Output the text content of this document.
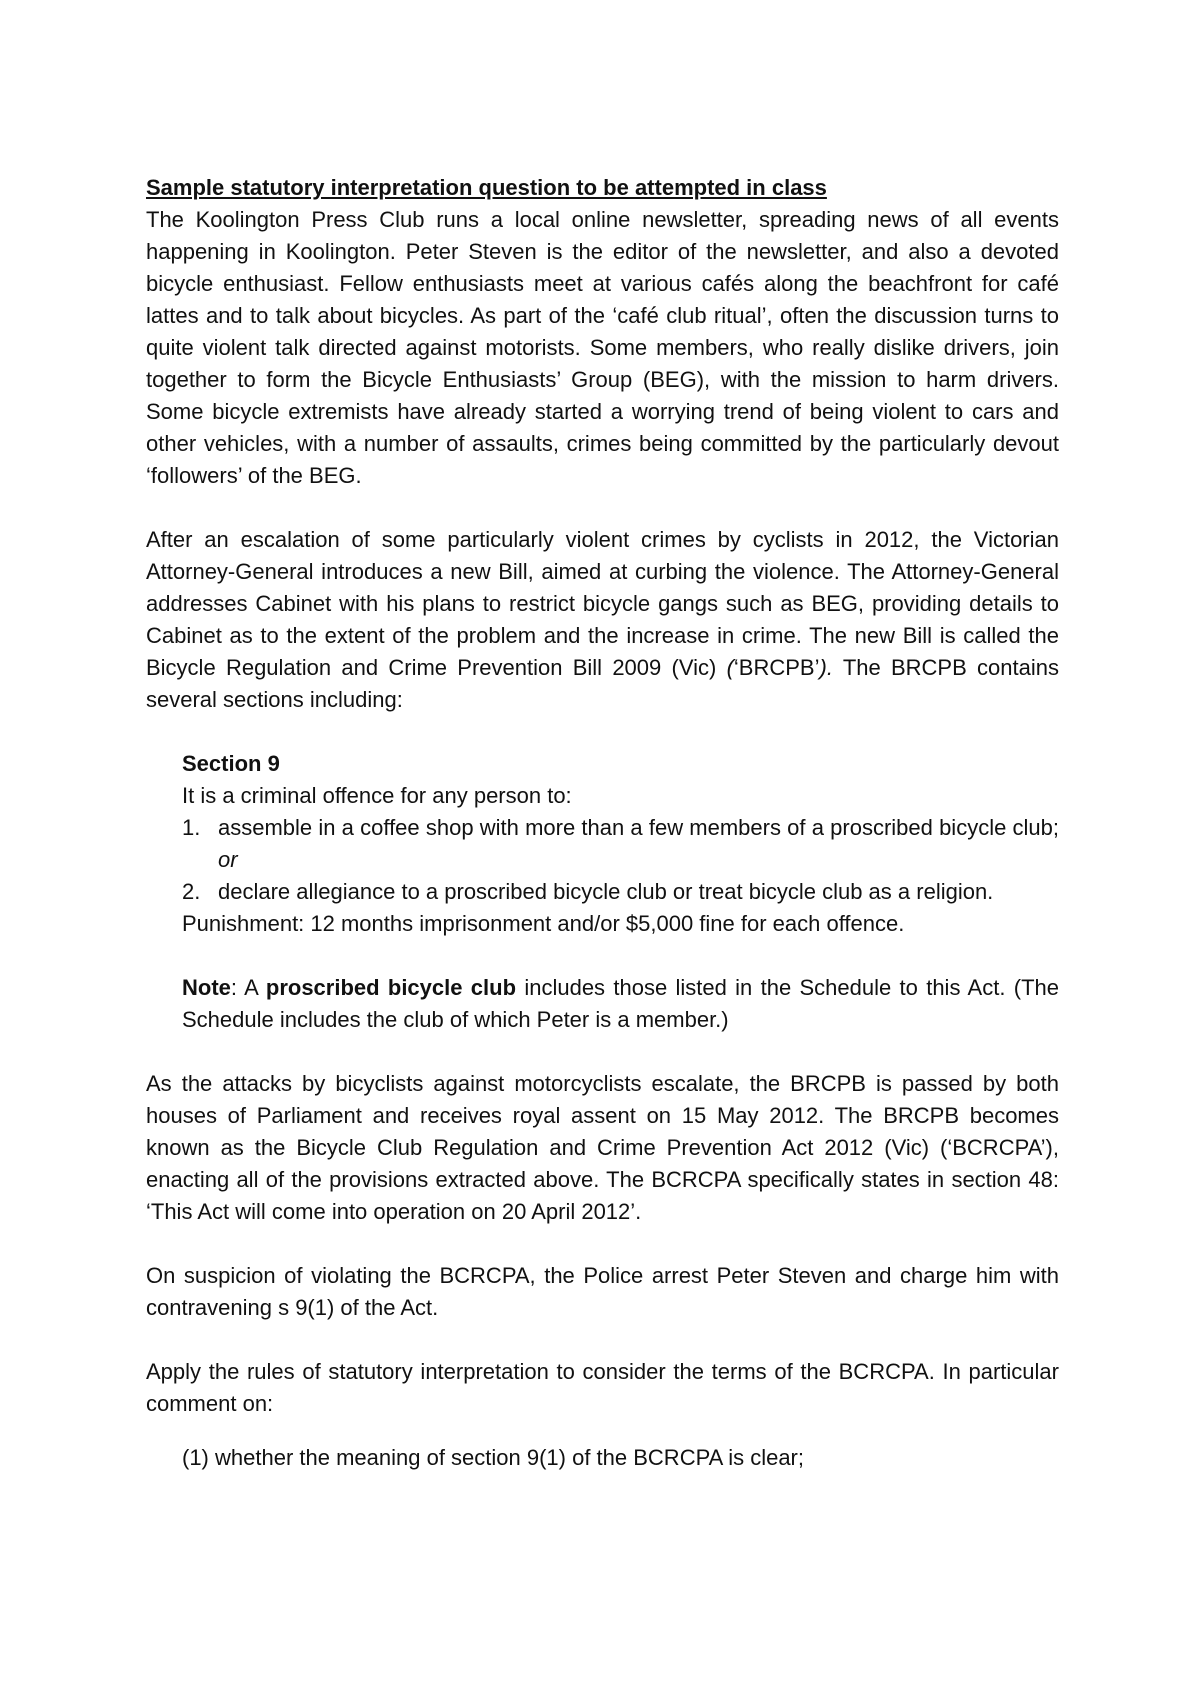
Sample statutory interpretation question to be attempted in class

The Koolington Press Club runs a local online newsletter, spreading news of all events happening in Koolington. Peter Steven is the editor of the newsletter, and also a devoted bicycle enthusiast. Fellow enthusiasts meet at various cafés along the beachfront for café lattes and to talk about bicycles. As part of the ‘café club ritual’, often the discussion turns to quite violent talk directed against motorists. Some members, who really dislike drivers, join together to form the Bicycle Enthusiasts’ Group (BEG), with the mission to harm drivers. Some bicycle extremists have already started a worrying trend of being violent to cars and other vehicles, with a number of assaults, crimes being committed by the particularly devout ‘followers’ of the BEG.

After an escalation of some particularly violent crimes by cyclists in 2012, the Victorian Attorney-General introduces a new Bill, aimed at curbing the violence. The Attorney-General addresses Cabinet with his plans to restrict bicycle gangs such as BEG, providing details to Cabinet as to the extent of the problem and the increase in crime. The new Bill is called the Bicycle Regulation and Crime Prevention Bill 2009 (Vic) (‘BRCPB’). The BRCPB contains several sections including:

Section 9

It is a criminal offence for any person to:

1. assemble in a coffee shop with more than a few members of a proscribed bicycle club; or
2. declare allegiance to a proscribed bicycle club or treat bicycle club as a religion.

Punishment: 12 months imprisonment and/or $5,000 fine for each offence.

Note: A proscribed bicycle club includes those listed in the Schedule to this Act. (The Schedule includes the club of which Peter is a member.)

As the attacks by bicyclists against motorcyclists escalate, the BRCPB is passed by both houses of Parliament and receives royal assent on 15 May 2012. The BRCPB becomes known as the Bicycle Club Regulation and Crime Prevention Act 2012 (Vic) (‘BCRCPA’), enacting all of the provisions extracted above. The BCRCPA specifically states in section 48: ‘This Act will come into operation on 20 April 2012’.

On suspicion of violating the BCRCPA, the Police arrest Peter Steven and charge him with contravening s 9(1) of the Act.

Apply the rules of statutory interpretation to consider the terms of the BCRCPA. In particular comment on:

(1) whether the meaning of section 9(1) of the BCRCPA is clear;
